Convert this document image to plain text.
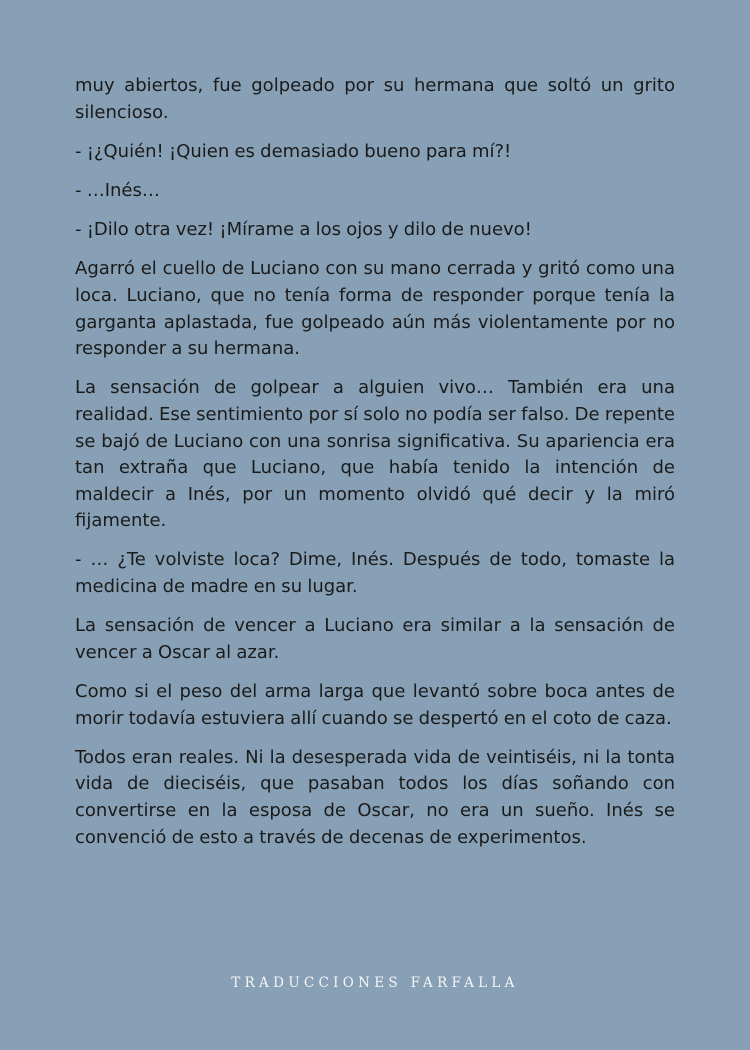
muy abiertos, fue golpeado por su hermana que soltó un grito silencioso.

- ¡¿Quién! ¡Quien es demasiado bueno para mí?!

- …Inés…

- ¡Dilo otra vez! ¡Mírame a los ojos y dilo de nuevo!

Agarró el cuello de Luciano con su mano cerrada y gritó como una loca. Luciano, que no tenía forma de responder porque tenía la garganta aplastada, fue golpeado aún más violentamente por no responder a su hermana.

La sensación de golpear a alguien vivo… También era una realidad. Ese sentimiento por sí solo no podía ser falso. De repente se bajó de Luciano con una sonrisa significativa. Su apariencia era tan extraña que Luciano, que había tenido la intención de maldecir a Inés, por un momento olvidó qué decir y la miró fijamente.

- … ¿Te volviste loca? Dime, Inés. Después de todo, tomaste la medicina de madre en su lugar.

La sensación de vencer a Luciano era similar a la sensación de vencer a Oscar al azar.

Como si el peso del arma larga que levantó sobre boca antes de morir todavía estuviera allí cuando se despertó en el coto de caza.

Todos eran reales. Ni la desesperada vida de veintiséis, ni la tonta vida de dieciséis, que pasaban todos los días soñando con convertirse en la esposa de Oscar, no era un sueño. Inés se convenció de esto a través de decenas de experimentos.

TRADUCCIONES FARFALLA
